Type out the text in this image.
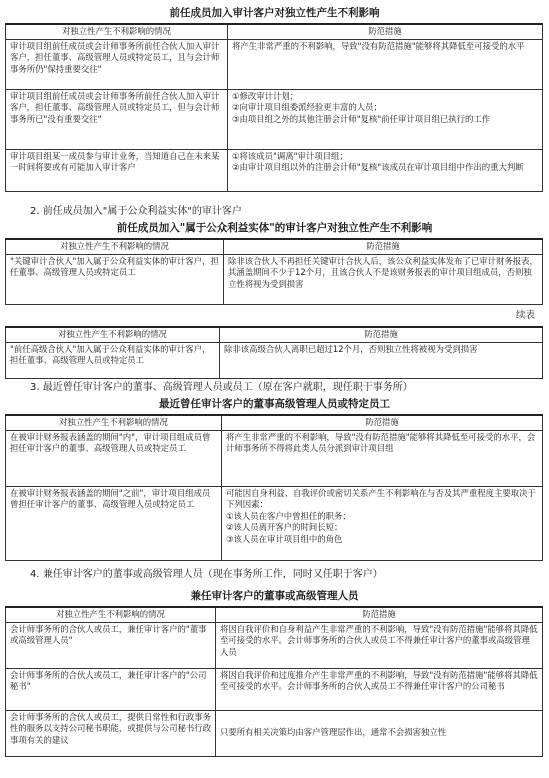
前任成员加入审计客户对独立性产生不利影响
对独立性产生不利影响的情况	防范措施
审计项目组前任成员或会计师事务所前任合伙人加入审计客户，担任董事、高级管理人员或特定员工，且与会计师事务所仍"保持重要交往"	将产生非常严重的不利影响，导致"没有防范措施"能够将其降低至可接受的水平

审计项目组前任成员或会计师事务所前任合伙人加入审计客户，担任董事、高级管理人员或特定员工，但与会计师事务所已"没有重要交往"	①修改审计计划；
②向审计项目组委派经验更丰富的人员；
③由项目组之外的其他注册会计师"复核"前任审计项目组已执行的工作

审计项目组某一成员参与审计业务，当知道自己在未来某一时间将要或有可能加入审计客户	①将该成员"调离"审计项目组；
②由审计项目组以外的注册会计师"复核"该成员在审计项目组中作出的重大判断
2. 前任成员加入"属于公众利益实体"的审计客户
前任成员加入"属于公众利益实体"的审计客户对独立性产生不利影响
对独立性产生不利影响的情况	防范措施
"关键审计合伙人"加入属于公众利益实体的审计客户，担任董事、高级管理人员或特定员工	除非该合伙人不再担任关键审计合伙人后，该公众利益实体发布了已审计财务报表，其涵盖期间不少于12个月，且该合伙人不是该财务报表的审计项目组成员，否则独立性将视为受到损害
续表
对独立性产生不利影响的情况	防范措施
"前任高级合伙人"加入属于公众利益实体的审计客户，担任董事、高级管理人员或特定员工	除非该高级合伙人离职已超过12个月，否则独立性将被视为受到损害
3. 最近曾任审计客户的董事、高级管理人员或员工（原在客户就职，现任职于事务所）
最近曾任审计客户的董事高级管理人员或特定员工
对独立性产生不利影响的情况	防范措施
在被审计财务报表涵盖的期间"内"，审计项目组成员曾担任审计客户的董事、高级管理人员或特定员工	将产生非常严重的不利影响，导致"没有防范措施"能够将其降低至可接受的水平，会计师事务所不得将此类人员分派到审计项目组

在被审计财务报表涵盖的期间"之前"，审计项目组成员曾担任审计客户的董事、高级管理人员或特定员工	可能因自身利益、自我评价或密切关系产生不利影响在与否及其严重程度主要取决于下列因素：
①该人员在客户中曾担任的职务；
②该人员离开客户的时间长短；
③该人员在审计项目组中的角色
4. 兼任审计客户的董事或高级管理人员（现在事务所工作，同时又任职于客户）
兼任审计客户的董事或高级管理人员
对独立性产生不利影响的情况	防范措施
会计师事务所的合伙人或员工，兼任审计客户的"董事或高级管理人员"	将因自我评价和自身利益产生非常严重的不利影响，导致"没有防范措施"能够将其降低至可接受的水平。会计师事务所的合伙人或员工不得兼任审计客户的董事或高级管理人员

会计师事务所的合伙人或员工，兼任审计客户的"公司秘书"	将因自我评价和过度推介产生非常严重的不利影响，导致"没有防范措施"能够将其降低至可接受的水平。会计师事务所的合伙人或员工不得兼任审计客户的公司秘书

会计师事务所的合伙人或员工，提供日常性和行政事务性的服务以支持公司秘书职能，或提供与公司秘书行政事项有关的建议	只要所有相关决策均由客户管理层作出，通常不会损害独立性
